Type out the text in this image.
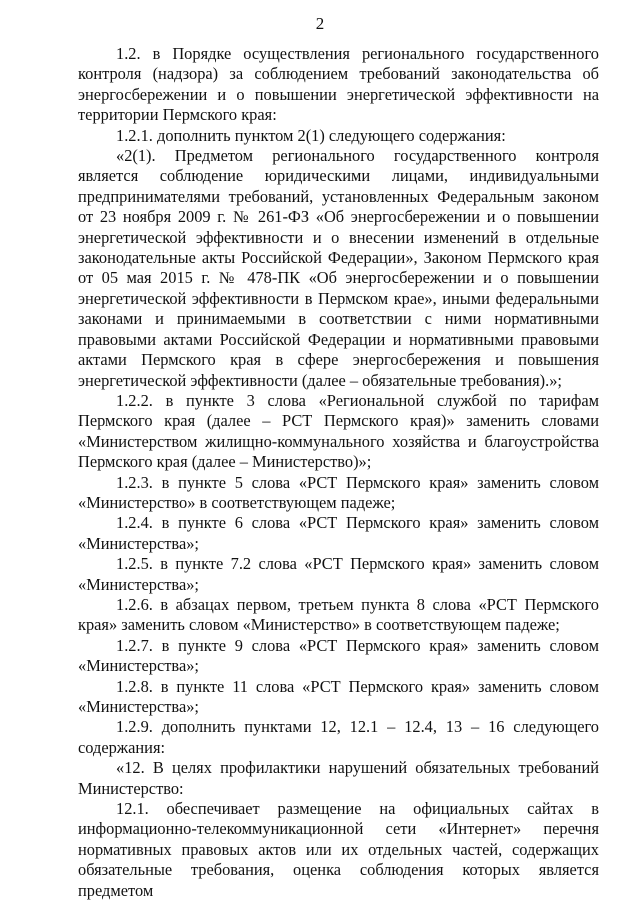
2

1.2. в Порядке осуществления регионального государственного контроля (надзора) за соблюдением требований законодательства об энергосбережении и о повышении энергетической эффективности на территории Пермского края:

1.2.1. дополнить пунктом 2(1) следующего содержания:

«2(1). Предметом регионального государственного контроля является соблюдение юридическими лицами, индивидуальными предпринимателями требований, установленных Федеральным законом от 23 ноября 2009 г. № 261-ФЗ «Об энергосбережении и о повышении энергетической эффективности и о внесении изменений в отдельные законодательные акты Российской Федерации», Законом Пермского края от 05 мая 2015 г. № 478-ПК «Об энергосбережении и о повышении энергетической эффективности в Пермском крае», иными федеральными законами и принимаемыми в соответствии с ними нормативными правовыми актами Российской Федерации и нормативными правовыми актами Пермского края в сфере энергосбережения и повышения энергетической эффективности (далее – обязательные требования).»;

1.2.2. в пункте 3 слова «Региональной службой по тарифам Пермского края (далее – РСТ Пермского края)» заменить словами «Министерством жилищно-коммунального хозяйства и благоустройства Пермского края (далее – Министерство)»;

1.2.3. в пункте 5 слова «РСТ Пермского края» заменить словом «Министерство» в соответствующем падеже;

1.2.4. в пункте 6 слова «РСТ Пермского края» заменить словом «Министерства»;

1.2.5. в пункте 7.2 слова «РСТ Пермского края» заменить словом «Министерства»;

1.2.6. в абзацах первом, третьем пункта 8 слова «РСТ Пермского края» заменить словом «Министерство» в соответствующем падеже;

1.2.7. в пункте 9 слова «РСТ Пермского края» заменить словом «Министерства»;

1.2.8. в пункте 11 слова «РСТ Пермского края» заменить словом «Министерства»;

1.2.9. дополнить пунктами 12, 12.1 – 12.4, 13 – 16 следующего содержания:

«12. В целях профилактики нарушений обязательных требований Министерство:

12.1. обеспечивает размещение на официальных сайтах в информационно-телекоммуникационной сети «Интернет» перечня нормативных правовых актов или их отдельных частей, содержащих обязательные требования, оценка соблюдения которых является предметом
